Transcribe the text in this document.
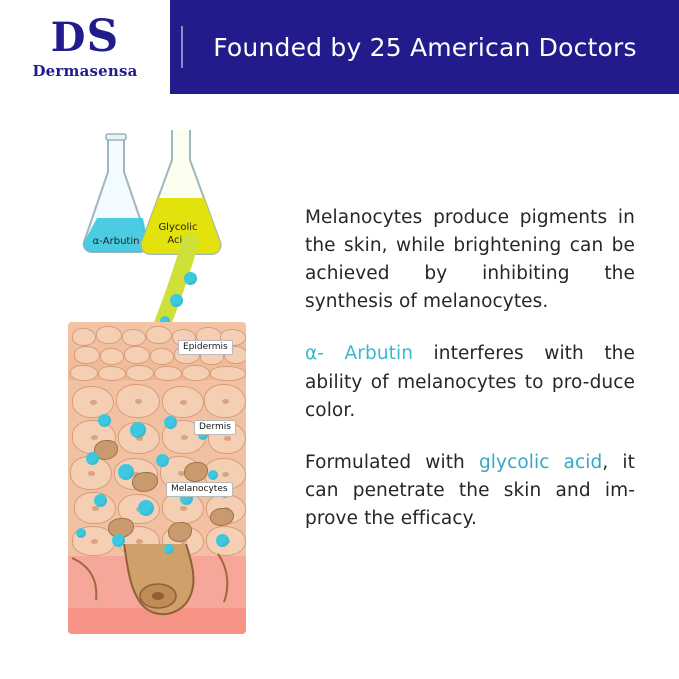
DS
Dermasensa
Founded by 25 American Doctors
α-Arbutin
Glycolic
Acid
Epidermis
Dermis
Melanocytes

Melanocytes produce pigments in the skin, while brightening can be achieved by inhibiting the synthesis of melanocytes.

α- Arbutin interferes with the ability of melanocytes to pro-duce color.

Formulated with glycolic acid, it can penetrate the skin and im-prove the efficacy.
